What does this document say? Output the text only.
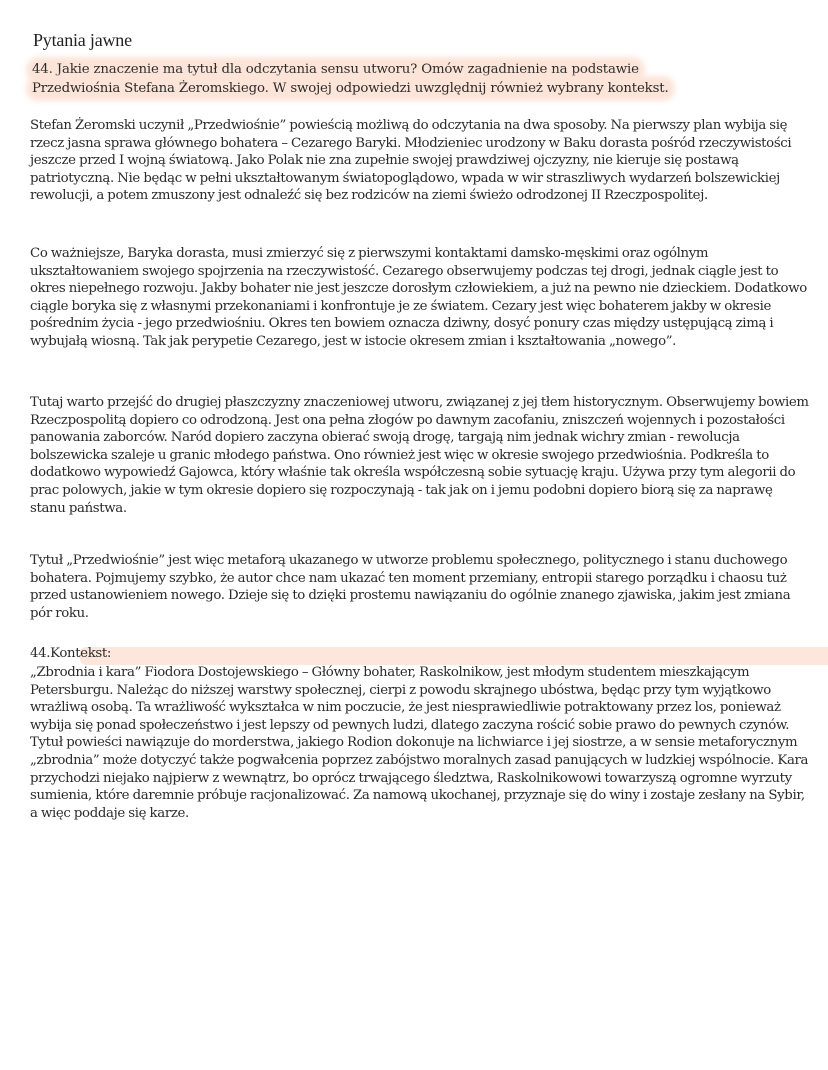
Pytania jawne
44. Jakie znaczenie ma tytuł dla odczytania sensu utworu? Omów zagadnienie na podstawie
Przedwiośnia Stefana Żeromskiego. W swojej odpowiedzi uwzględnij również wybrany kontekst.
Stefan Żeromski uczynił „Przedwiośnie” powieścią możliwą do odczytania na dwa sposoby. Na pierwszy plan wybija się rzecz jasna sprawa głównego bohatera – Cezarego Baryki. Młodzieniec urodzony w Baku dorasta pośród rzeczywistości jeszcze przed I wojną światową. Jako Polak nie zna zupełnie swojej prawdziwej ojczyzny, nie kieruje się postawą patriotyczną. Nie będąc w pełni ukształtowanym światopoglądowo, wpada w wir straszliwych wydarzeń bolszewickiej rewolucji, a potem zmuszony jest odnaleźć się bez rodziców na ziemi świeżo odrodzonej II Rzeczpospolitej.
Co ważniejsze, Baryka dorasta, musi zmierzyć się z pierwszymi kontaktami damsko-męskimi oraz ogólnym ukształtowaniem swojego spojrzenia na rzeczywistość. Cezarego obserwujemy podczas tej drogi, jednak ciągle jest to okres niepełnego rozwoju. Jakby bohater nie jest jeszcze dorosłym człowiekiem, a już na pewno nie dzieckiem. Dodatkowo ciągle boryka się z własnymi przekonaniami i konfrontuje je ze światem. Cezary jest więc bohaterem jakby w okresie pośrednim życia - jego przedwiośniu. Okres ten bowiem oznacza dziwny, dosyć ponury czas między ustępującą zimą i wybujałą wiosną. Tak jak perypetie Cezarego, jest w istocie okresem zmian i kształtowania „nowego”.
Tutaj warto przejść do drugiej płaszczyzny znaczeniowej utworu, związanej z jej tłem historycznym. Obserwujemy bowiem Rzeczpospolitą dopiero co odrodzoną. Jest ona pełna złogów po dawnym zacofaniu, zniszczeń wojennych i pozostałości panowania zaborców. Naród dopiero zaczyna obierać swoją drogę, targają nim jednak wichry zmian - rewolucja bolszewicka szaleje u granic młodego państwa. Ono również jest więc w okresie swojego przedwiośnia. Podkreśla to dodatkowo wypowiedź Gajowca, który właśnie tak określa współczesną sobie sytuację kraju. Używa przy tym alegorii do prac polowych, jakie w tym okresie dopiero się rozpoczynają - tak jak on i jemu podobni dopiero biorą się za naprawę stanu państwa.
Tytuł „Przedwiośnie” jest więc metaforą ukazanego w utworze problemu społecznego, politycznego i stanu duchowego bohatera. Pojmujemy szybko, że autor chce nam ukazać ten moment przemiany, entropii starego porządku i chaosu tuż przed ustanowieniem nowego. Dzieje się to dzięki prostemu nawiązaniu do ogólnie znanego zjawiska, jakim jest zmiana pór roku.
44.Kontekst:
„Zbrodnia i kara” Fiodora Dostojewskiego – Główny bohater, Raskolnikow, jest młodym studentem mieszkającym Petersburgu. Należąc do niższej warstwy społecznej, cierpi z powodu skrajnego ubóstwa, będąc przy tym wyjątkowo wrażliwą osobą. Ta wrażliwość wykształca w nim poczucie, że jest niesprawiedliwie potraktowany przez los, ponieważ wybija się ponad społeczeństwo i jest lepszy od pewnych ludzi, dlatego zaczyna rościć sobie prawo do pewnych czynów. Tytuł powieści nawiązuje do morderstwa, jakiego Rodion dokonuje na lichwiarce i jej siostrze, a w sensie metaforycznym „zbrodnia” może dotyczyć także pogwałcenia poprzez zabójstwo moralnych zasad panujących w ludzkiej wspólnocie. Kara przychodzi niejako najpierw z wewnątrz, bo oprócz trwającego śledztwa, Raskolnikowowi towarzyszą ogromne wyrzuty sumienia, które daremnie próbuje racjonalizować. Za namową ukochanej, przyznaje się do winy i zostaje zesłany na Sybir, a więc poddaje się karze.
